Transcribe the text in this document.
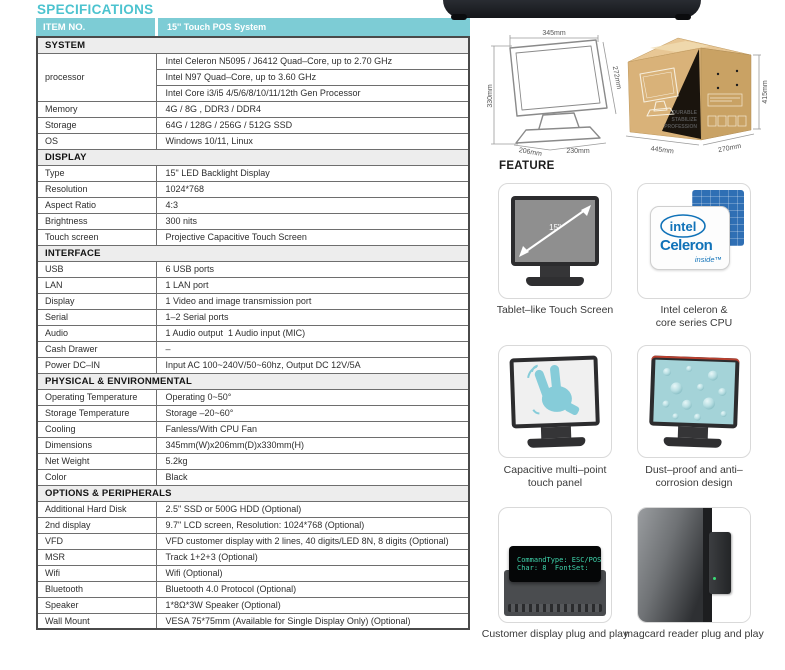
SPECIFICATIONS
ITEM NO.	15'' Touch POS System
SYSTEM	
processor	Intel Celeron N5095 / J6412 Quad–Core, up to 2.70 GHz
	Intel N97 Quad–Core, up to 3.60 GHz
	Intel Core i3/i5 4/5/6/8/10/11/12th Gen Processor
Memory	4G / 8G , DDR3 / DDR4
Storage	64G / 128G / 256G / 512G SSD
OS	Windows 10/11, Linux
DISPLAY	
Type	15" LED Backlight Display
Resolution	1024*768
Aspect Ratio	4:3
Brightness	300 nits
Touch screen	Projective Capacitive Touch Screen
INTERFACE	
USB	6 USB ports
LAN	1 LAN port
Display	1 Video and image transmission port
Serial	1–2 Serial ports
Audio	1 Audio output  1 Audio input (MIC)
Cash Drawer	–
Power DC–IN	Input AC 100~240V/50~60hz, Output DC 12V/5A
PHYSICAL & ENVIRONMENTAL	
Operating Temperature	Operating 0~50°
Storage Temperature	Storage –20~60°
Cooling	Fanless/With CPU Fan
Dimensions	345mm(W)x206mm(D)x330mm(H)
Net Weight	5.2kg
Color	Black
OPTIONS & PERIPHERALS	
Additional Hard Disk	2.5" SSD or 500G HDD (Optional)
2nd display	9.7" LCD screen, Resolution: 1024*768 (Optional)
VFD	VFD customer display with 2 lines, 40 digits/LED 8N, 8 digits (Optional)
MSR	Track 1+2+3 (Optional)
Wifi	Wifi (Optional)
Bluetooth	Bluetooth 4.0 Protocol (Optional)
Speaker	1*8Ω*3W Speaker (Optional)
Wall Mount	VESA 75*75mm (Available for Single Display Only) (Optional)
345mm
330mm
272mm
206mm	230mm
DURABLE
STABILIZE
PROFESSION
445mm	270mm
415mm
FEATURE
15"	intel
Celeron
inside™
CommandType: ESC/POS
Char: 8  FontSet:
Tablet–like Touch Screen	Intel celeron &
core series CPU
Capacitive multi–point
touch panel
Dust–proof and anti–
corrosion design
Customer display plug and play
magcard reader plug and play
